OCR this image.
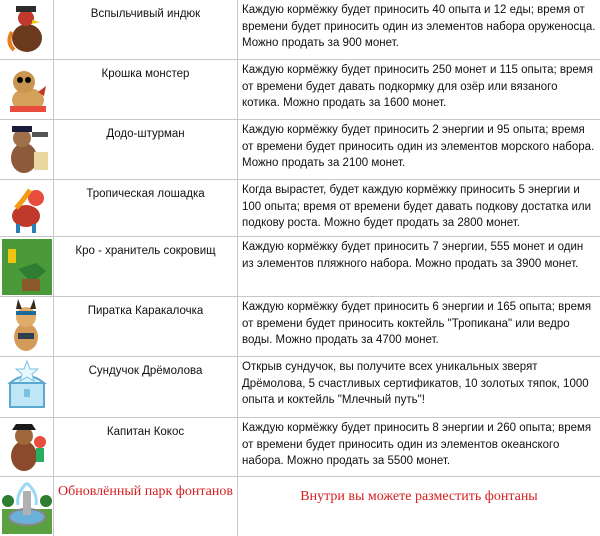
Вспыльчивый индюк	Каждую кормёжку будет приносить 40 опыта и 12 еды; время от времени будет приносить один из элементов набора оруженосца. Можно продать за 900 монет.
Крошка монстер	Каждую кормёжку будет приносить 250 монет и 115 опыта; время от времени будет давать подкормку для озёр или вязаного котика. Можно продать за 1600 монет.
Додо-штурман	Каждую кормёжку будет приносить 2 энергии и 95 опыта; время от времени будет приносить один из элементов морского набора. Можно продать за 2100 монет.
Тропическая лошадка	Когда вырастет, будет каждую кормёжку приносить 5 энергии и 100 опыта; время от времени будет давать подкову достатка или подкову роста. Можно будет продать за 2800 монет.
Кро - хранитель сокровищ	Каждую кормёжку будет приносить 7 энергии, 555 монет и один из элементов пляжного набора. Можно продать за 3900 монет.
Пиратка Каракалочка	Каждую кормёжку будет приносить 6 энергии и 165 опыта; время от времени будет приносить коктейль "Тропикана" или ведро воды. Можно продать за 4700 монет.
Сундучок Дрёмолова	Открыв сундучок, вы получите всех уникальных зверят Дрёмолова, 5 счастливых сертификатов, 10 золотых тяпок, 1000 опыта и коктейль "Млечный путь"!
Капитан Кокос	Каждую кормёжку будет приносить 8 энергии и 260 опыта; время от времени будет приносить один из элементов океанского набора. Можно продать за 5500 монет.
Обновлённый парк фонтанов	Внутри вы можете разместить фонтаны
